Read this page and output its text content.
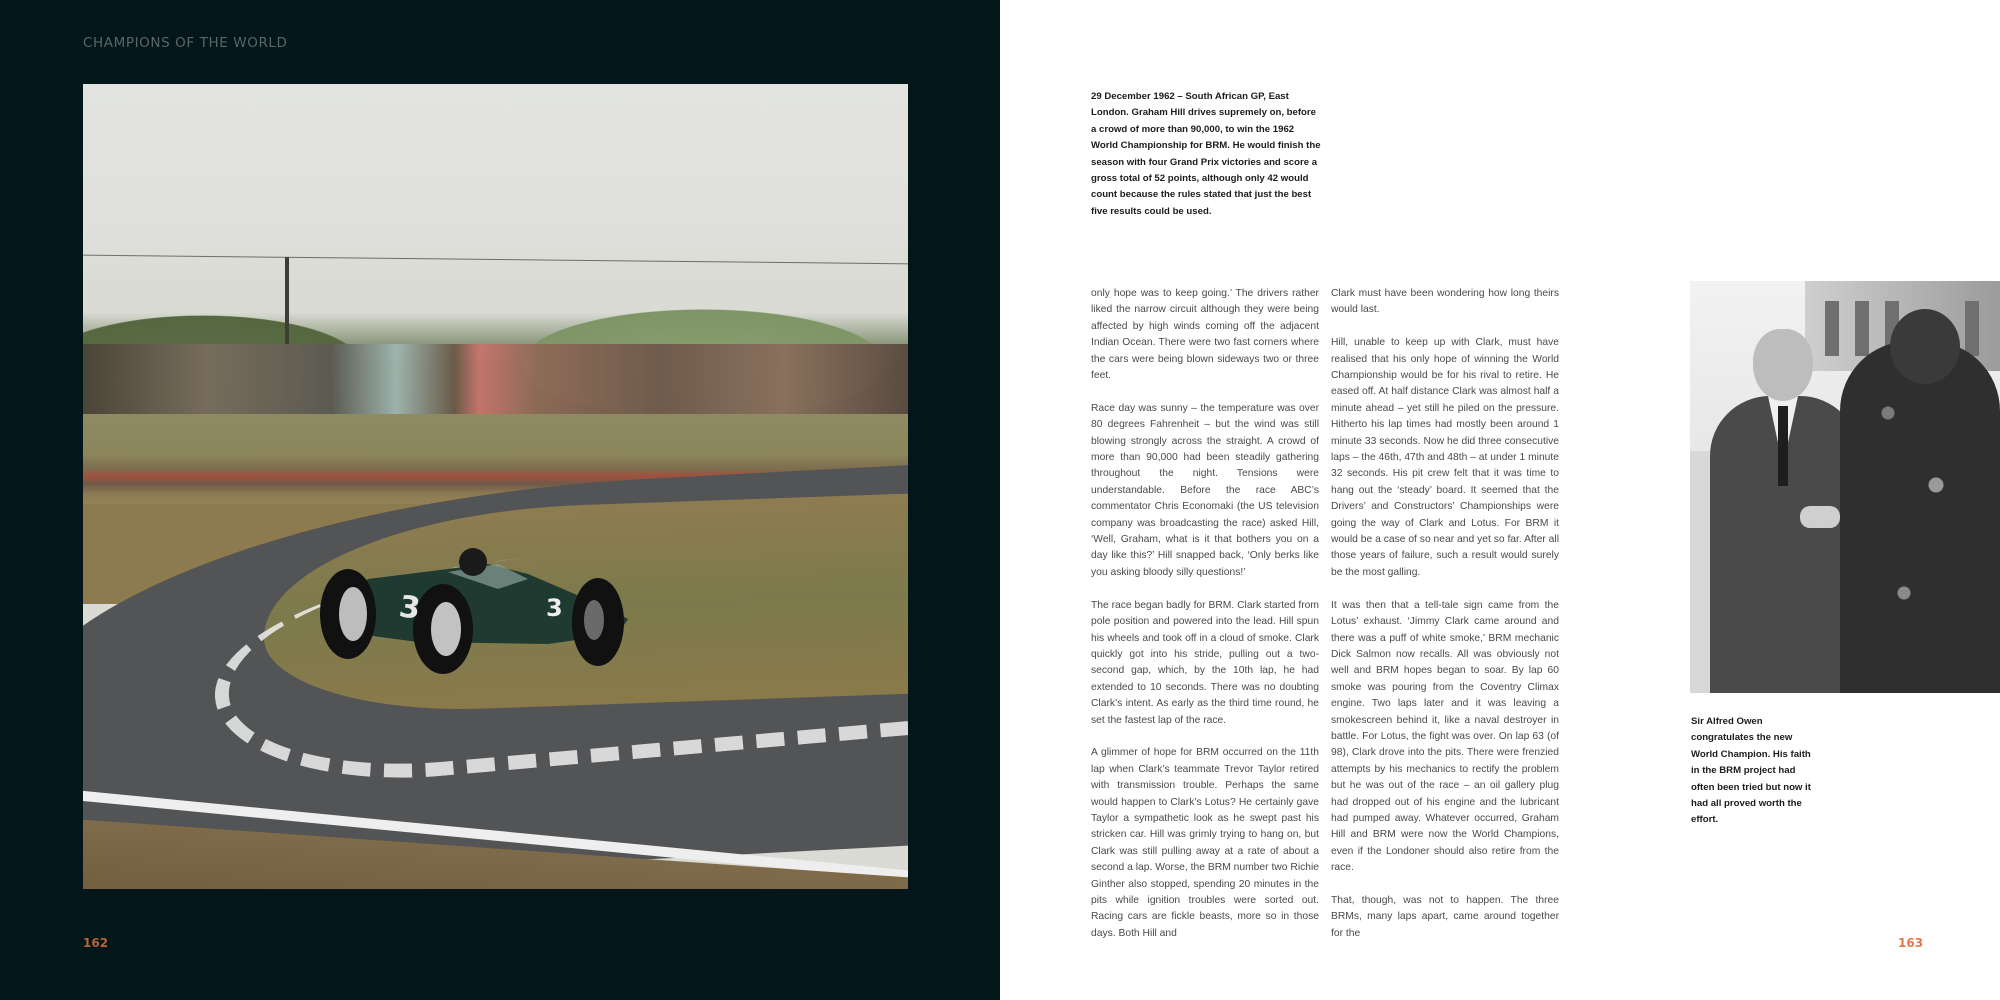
CHAMPIONS OF THE WORLD
3
3
162
29 December 1962 – South African GP, East London. Graham Hill drives supremely on, before a crowd of more than 90,000, to win the 1962 World Championship for BRM. He would finish the season with four Grand Prix victories and score a gross total of 52 points, although only 42 would count because the rules stated that just the best five results could be used.

only hope was to keep going.’ The drivers rather liked the narrow circuit although they were being affected by high winds coming off the adjacent Indian Ocean. There were two fast corners where the cars were being blown sideways two or three feet.

Race day was sunny – the temperature was over 80 degrees Fahrenheit – but the wind was still blowing strongly across the straight. A crowd of more than 90,000 had been steadily gathering throughout the night. Tensions were understandable. Before the race ABC’s commentator Chris Economaki (the US television company was broadcasting the race) asked Hill, ‘Well, Graham, what is it that bothers you on a day like this?’ Hill snapped back, ‘Only berks like you asking bloody silly questions!’

The race began badly for BRM. Clark started from pole position and powered into the lead. Hill spun his wheels and took off in a cloud of smoke. Clark quickly got into his stride, pulling out a two-second gap, which, by the 10th lap, he had extended to 10 seconds. There was no doubting Clark’s intent. As early as the third time round, he set the fastest lap of the race.

A glimmer of hope for BRM occurred on the 11th lap when Clark’s teammate Trevor Taylor retired with transmission trouble. Perhaps the same would happen to Clark’s Lotus? He certainly gave Taylor a sympathetic look as he swept past his stricken car. Hill was grimly trying to hang on, but Clark was still pulling away at a rate of about a second a lap. Worse, the BRM number two Richie Ginther also stopped, spending 20 minutes in the pits while ignition troubles were sorted out. Racing cars are fickle beasts, more so in those days. Both Hill and

Clark must have been wondering how long theirs would last.

Hill, unable to keep up with Clark, must have realised that his only hope of winning the World Championship would be for his rival to retire. He eased off. At half distance Clark was almost half a minute ahead – yet still he piled on the pressure. Hitherto his lap times had mostly been around 1 minute 33 seconds. Now he did three consecutive laps – the 46th, 47th and 48th – at under 1 minute 32 seconds. His pit crew felt that it was time to hang out the ‘steady’ board. It seemed that the Drivers’ and Constructors’ Championships were going the way of Clark and Lotus. For BRM it would be a case of so near and yet so far. After all those years of failure, such a result would surely be the most galling.

It was then that a tell-tale sign came from the Lotus’ exhaust. ‘Jimmy Clark came around and there was a puff of white smoke,’ BRM mechanic Dick Salmon now recalls. All was obviously not well and BRM hopes began to soar. By lap 60 smoke was pouring from the Coventry Climax engine. Two laps later and it was leaving a smokescreen behind it, like a naval destroyer in battle. For Lotus, the fight was over. On lap 63 (of 98), Clark drove into the pits. There were frenzied attempts by his mechanics to rectify the problem but he was out of the race – an oil gallery plug had dropped out of his engine and the lubricant had pumped away. Whatever occurred, Graham Hill and BRM were now the World Champions, even if the Londoner should also retire from the race.

That, though, was not to happen. The three BRMs, many laps apart, came around together for the

Sir Alfred Owen congratulates the new World Champion. His faith in the BRM project had often been tried but now it had all proved worth the effort.
163
